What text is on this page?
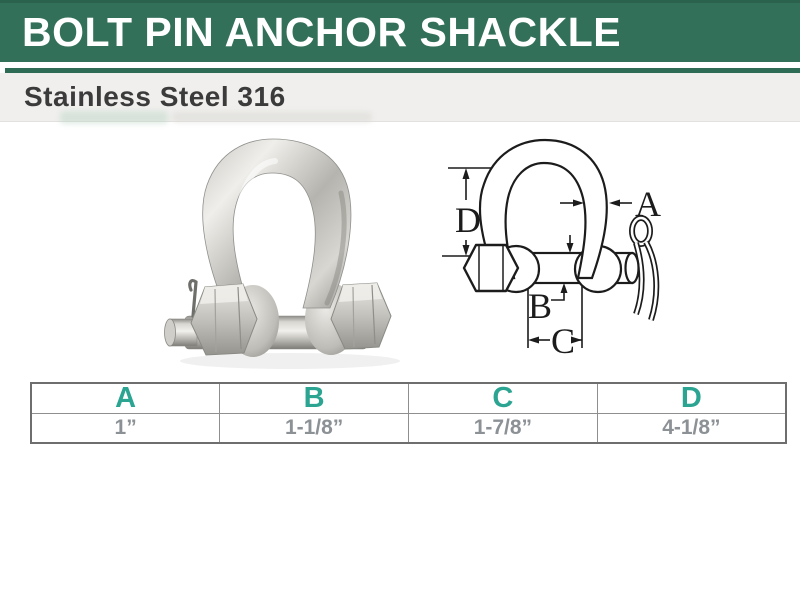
BOLT PIN ANCHOR SHACKLE
Stainless Steel 316
D	A
B
C
A	B	C	D
1”	1-1/8”	1-7/8”	4-1/8”
